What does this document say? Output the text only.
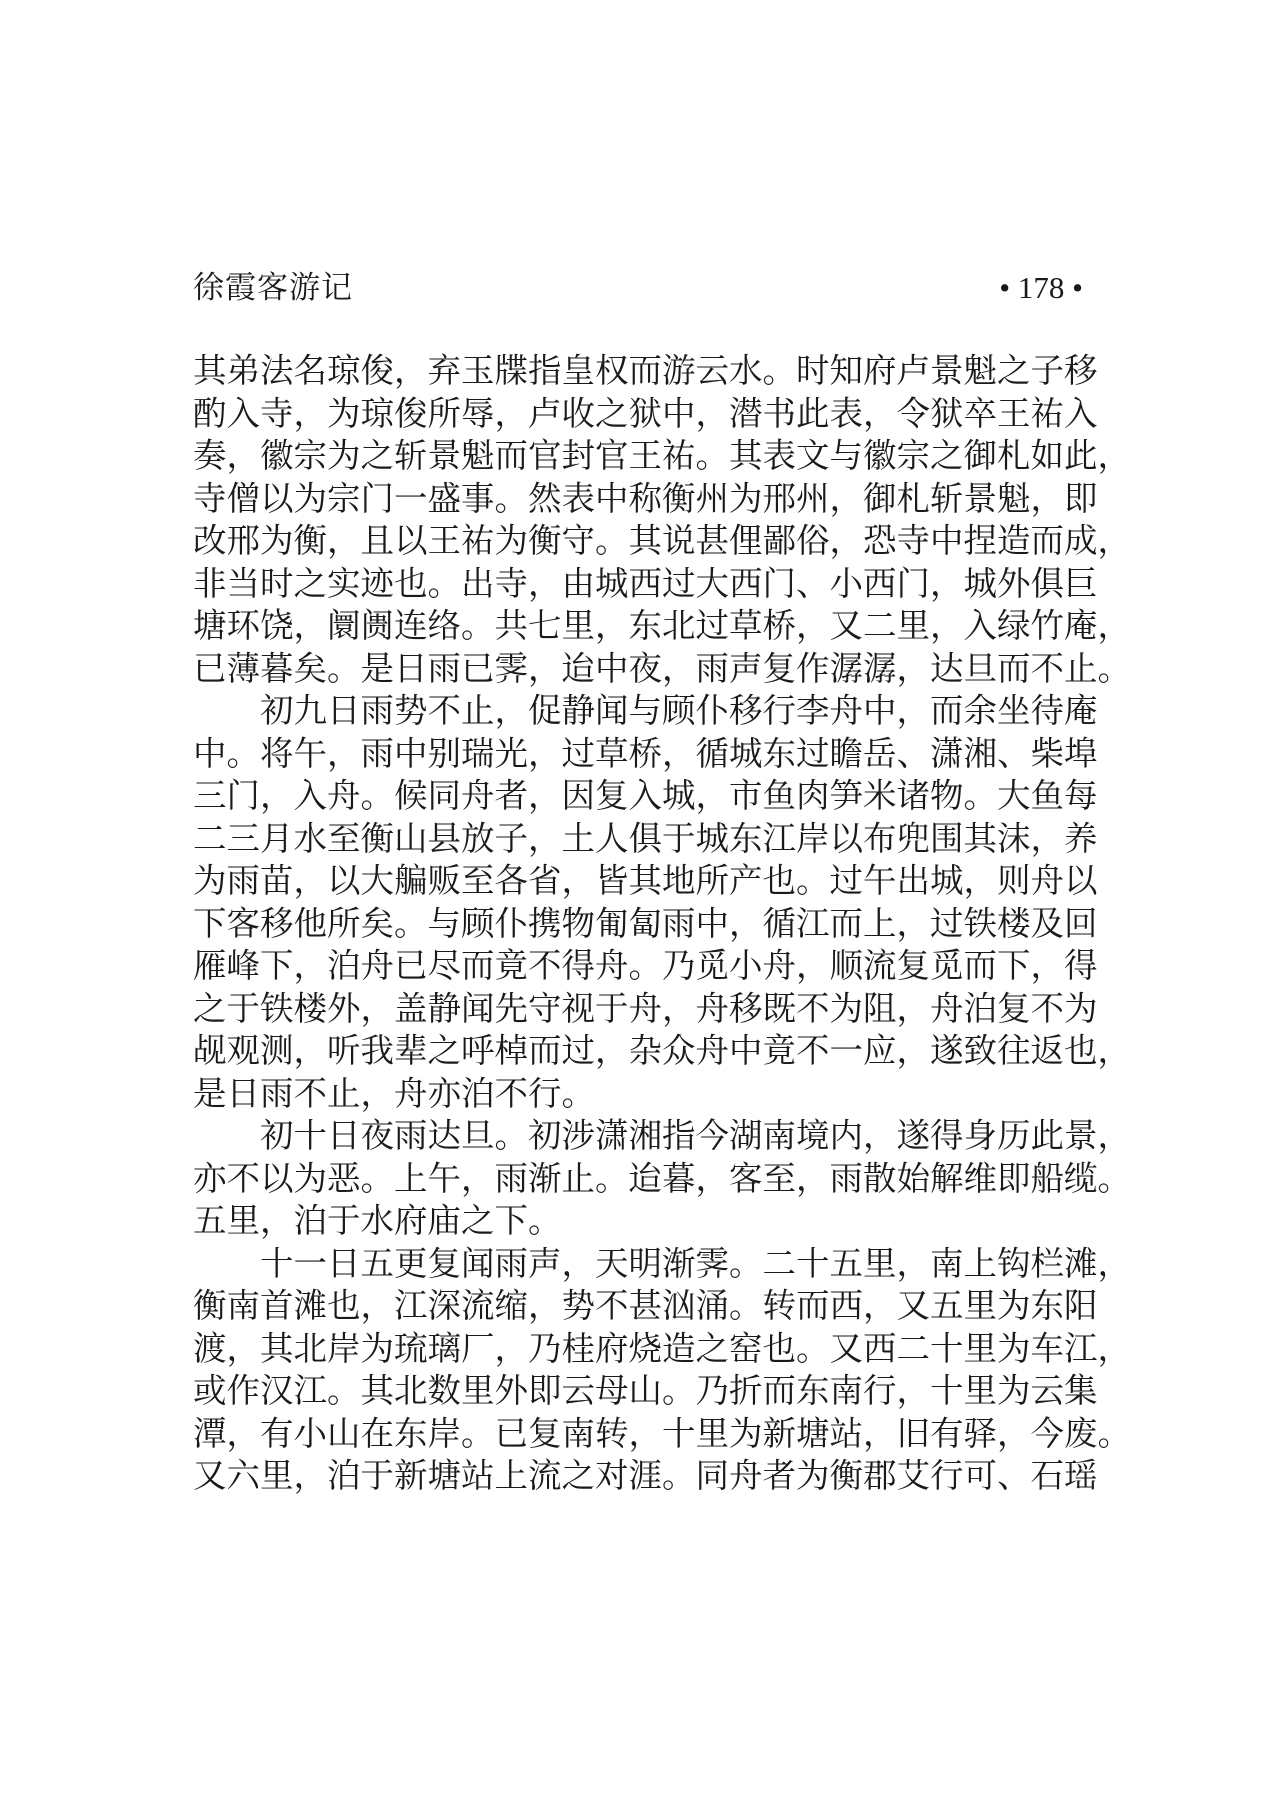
徐霞客游记	• 178 •
其弟法名琼俊，弃玉牒指皇权而游云水。时知府卢景魁之子移
酌入寺，为琼俊所辱，卢收之狱中，潜书此表，令狱卒王祐入
奏，徽宗为之斩景魁而官封官王祐。其表文与徽宗之御札如此，
寺僧以为宗门一盛事。然表中称衡州为邢州，御札斩景魁，即
改邢为衡，且以王祐为衡守。其说甚俚鄙俗，恐寺中捏造而成，
非当时之实迹也。出寺，由城西过大西门、小西门，城外俱巨
塘环饶，阛阓连络。共七里，东北过草桥，又二里，入绿竹庵，
已薄暮矣。是日雨已霁，迨中夜，雨声复作潺潺，达旦而不止。
初九日雨势不止，促静闻与顾仆移行李舟中，而余坐待庵
中。将午，雨中别瑞光，过草桥，循城东过瞻岳、潇湘、柴埠
三门，入舟。候同舟者，因复入城，市鱼肉笋米诸物。大鱼每
二三月水至衡山县放子，土人俱于城东江岸以布兜围其沫，养
为雨苗，以大艑贩至各省，皆其地所产也。过午出城，则舟以
下客移他所矣。与顾仆携物匍匐雨中，循江而上，过铁楼及回
雁峰下，泊舟已尽而竟不得舟。乃觅小舟，顺流复觅而下，得
之于铁楼外，盖静闻先守视于舟，舟移既不为阻，舟泊复不为
觇观测，听我辈之呼棹而过，杂众舟中竟不一应，遂致往返也，
是日雨不止，舟亦泊不行。
初十日夜雨达旦。初涉潇湘指今湖南境内，遂得身历此景，
亦不以为恶。上午，雨渐止。迨暮，客至，雨散始解维即船缆。
五里，泊于水府庙之下。
十一日五更复闻雨声，天明渐霁。二十五里，南上钩栏滩，
衡南首滩也，江深流缩，势不甚汹涌。转而西，又五里为东阳
渡，其北岸为琉璃厂，乃桂府烧造之窑也。又西二十里为车江，
或作汉江。其北数里外即云母山。乃折而东南行，十里为云集
潭，有小山在东岸。已复南转，十里为新塘站，旧有驿，今废。
又六里，泊于新塘站上流之对涯。同舟者为衡郡艾行可、石瑶
